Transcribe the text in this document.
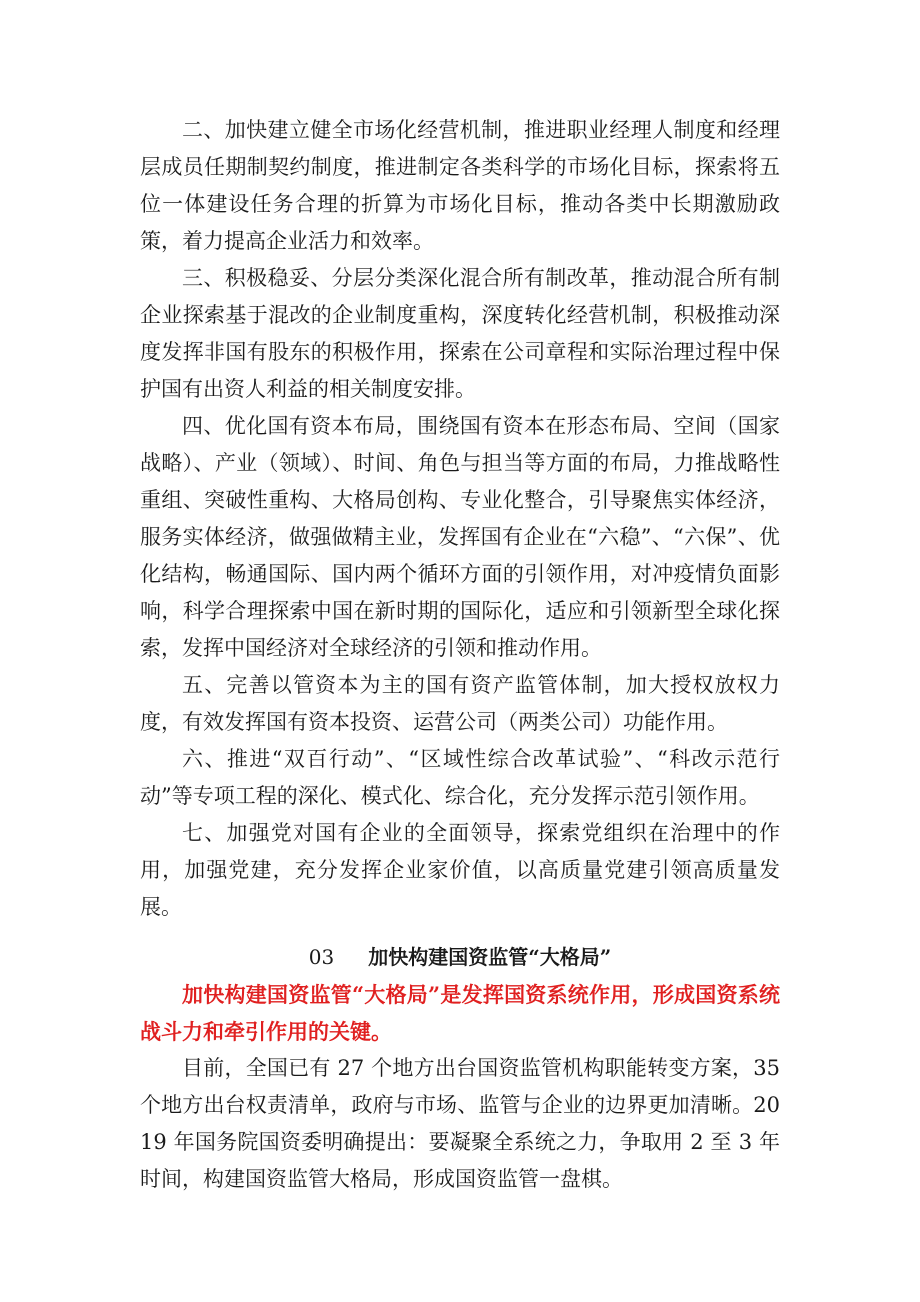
二、加快建立健全市场化经营机制，推进职业经理人制度和经理层成员任期制契约制度，推进制定各类科学的市场化目标，探索将五位一体建设任务合理的折算为市场化目标，推动各类中长期激励政策，着力提高企业活力和效率。

三、积极稳妥、分层分类深化混合所有制改革，推动混合所有制企业探索基于混改的企业制度重构，深度转化经营机制，积极推动深度发挥非国有股东的积极作用，探索在公司章程和实际治理过程中保护国有出资人利益的相关制度安排。

四、优化国有资本布局，围绕国有资本在形态布局、空间（国家战略）、产业（领域）、时间、角色与担当等方面的布局，力推战略性重组、突破性重构、大格局创构、专业化整合，引导聚焦实体经济，服务实体经济，做强做精主业，发挥国有企业在“六稳”、“六保”、优化结构，畅通国际、国内两个循环方面的引领作用，对冲疫情负面影响，科学合理探索中国在新时期的国际化，适应和引领新型全球化探索，发挥中国经济对全球经济的引领和推动作用。

五、完善以管资本为主的国有资产监管体制，加大授权放权力度，有效发挥国有资本投资、运营公司（两类公司）功能作用。

六、推进“双百行动”、“区域性综合改革试验”、“科改示范行动”等专项工程的深化、模式化、综合化，充分发挥示范引领作用。

七、加强党对国有企业的全面领导，探索党组织在治理中的作用，加强党建，充分发挥企业家价值，以高质量党建引领高质量发展。

03 加快构建国资监管“大格局”

加快构建国资监管“大格局”是发挥国资系统作用，形成国资系统战斗力和牵引作用的关键。

目前，全国已有 27 个地方出台国资监管机构职能转变方案，35 个地方出台权责清单，政府与市场、监管与企业的边界更加清晰。2019 年国务院国资委明确提出：要凝聚全系统之力，争取用 2 至 3 年时间，构建国资监管大格局，形成国资监管一盘棋。
